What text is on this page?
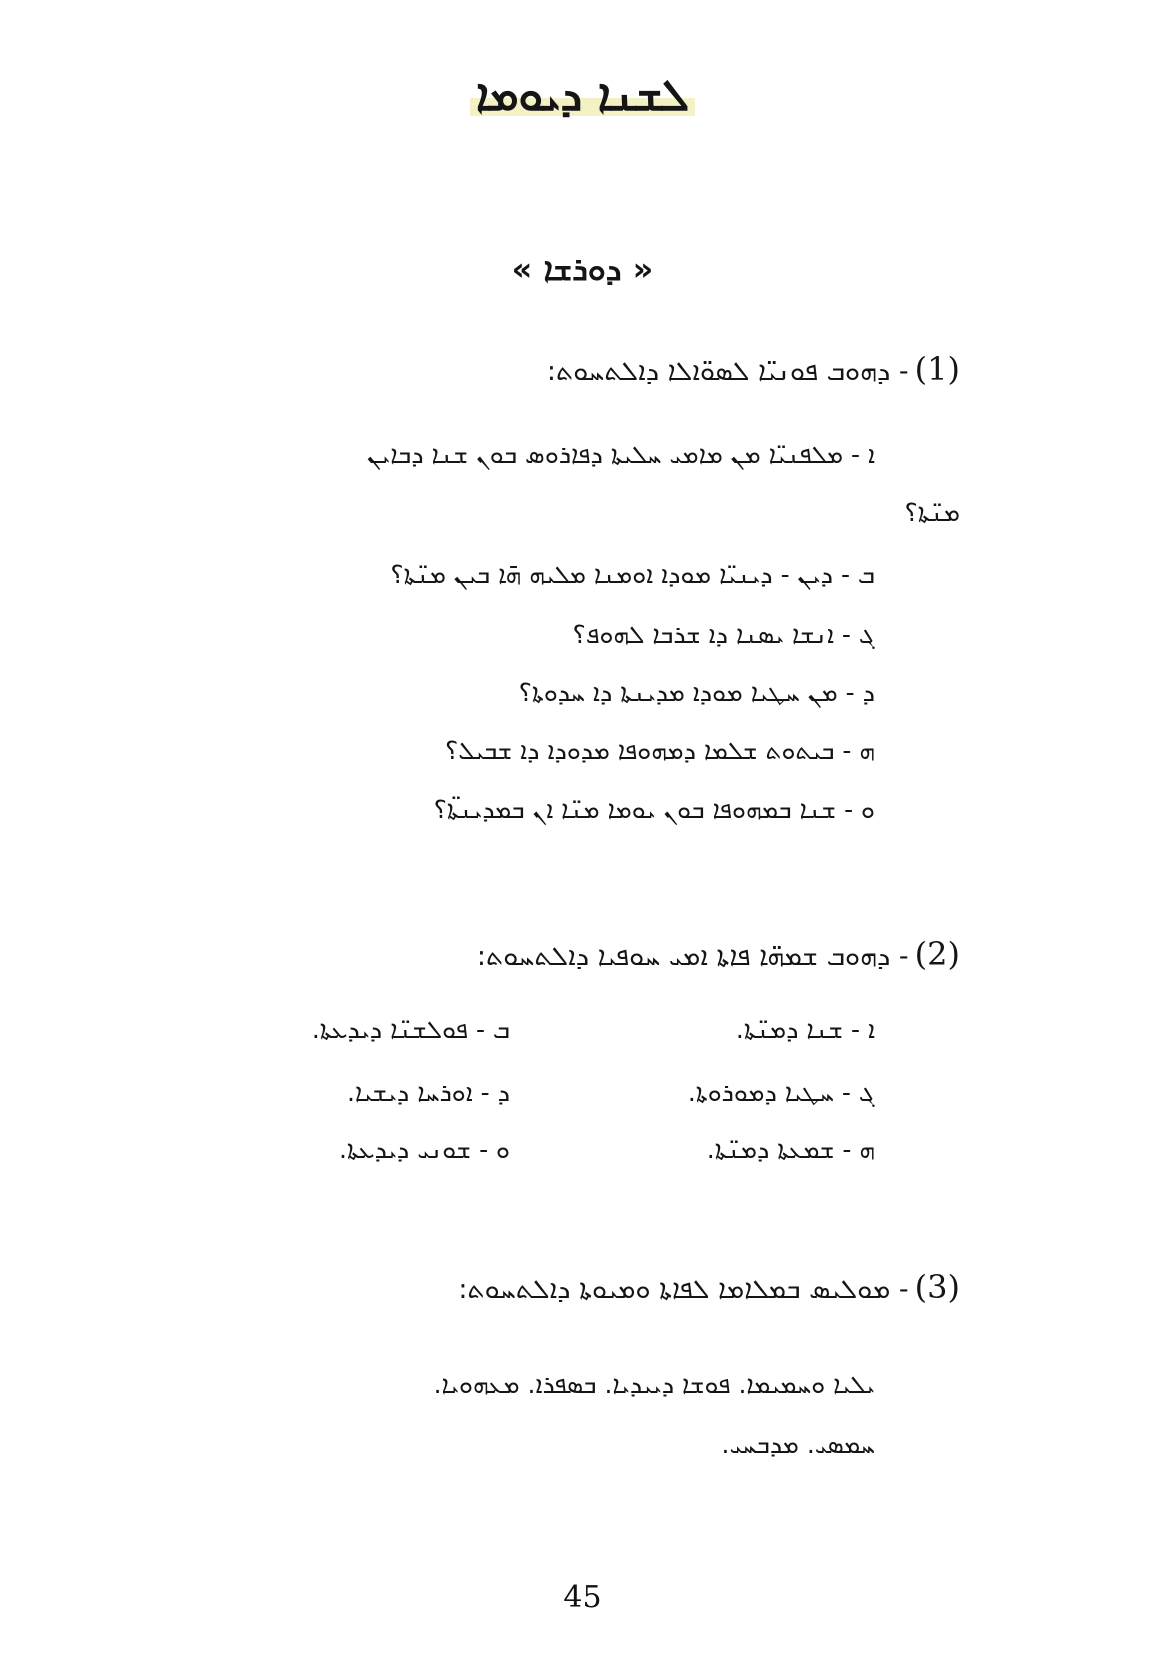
ܠܫܢܐ ܕܝܘܡܐ
« ܕܘܪܫܐ »
(1)
- ܕܗܘܒ ܦܘܢܝ̈ܐ ܠܣܘ̈ܐܠܐ ܕܐܠܬܚܘܬ:
ܐ - ܡܠܦܢܝ̈ܐ ܡܢ ܡܐܡܝ ܚܠܝܬܐ ܕܦܐܪܘܣ ܒܘܢ ܫܢܐ ܕܒܐܝܢ
ܡܢ̈ܬܐ؟
ܒ - ܕܝܢ - ܕܝܢܝ̈ܐ ܡܘܕܐ ܐܘܡܢܐ ܡܠܝܗ ܗ̄ܐ ܒܝܢ ܡܢ̈ܬܐ؟
ܓ - ܐܢܫܐ ܝܣܢܐ ܕܐ ܫܪܒܐ ܠܗܘܦ؟
ܕ - ܡܢ ܚܛܝܐ ܡܘܕܐ ܡܕܝܢܬܐ ܕܐ ܚܕܘܬܐ؟
ܗ - ܒܝܬܘܬ ܫܠܡܐ ܕܡܗܘܦܐ ܡܕܘܕܐ ܕܐ ܫܒܝܠ؟
ܘ - ܫܢܐ ܒܡܗܘܦܐ ܒܘܢ ܝܘܡܐ ܡܢ̈ܐ ܐܢ ܒܡܕܝܢܬ̈ܐ؟
(2)
- ܕܗܘܒ ܫܡܗ̈ܐ ܦܐܬܐ ܐܡܝ ܚܘܦܝܐ ܕܐܠܬܚܘܬ:
ܐ - ܫܢܐ ܕܡܢ̈ܬܐ.
ܒ - ܦܘܠܫܢ̈ܐ ܕܝܕܥܬܐ.
ܓ - ܚܛܝܐ ܕܡܘܪܘܬܐ.
ܕ - ܐܘܪܚܐ ܕܝܫܝܐ.
ܗ - ܫܡܥܬܐ ܕܡܢ̈ܬܐ.
ܘ - ܫܘܢܝ ܕܝܕܥܬܐ.
(3)
- ܡܘܠܝܣ ܒܡܠܐܡܐ ܠܦܐܬܐ ܘܡܝܘܬܐ ܕܐܠܬܚܘܬ:
ܝܠܝܐ ܘܚܡܝܡܐ. ܦܘܫܐ ܕܝܝܕܝܐ. ܒܣܦܪܐ. ܡܥܗܘܝܐ.
ܚܡܣܝ. ܡܕܒܚܝ.
45
